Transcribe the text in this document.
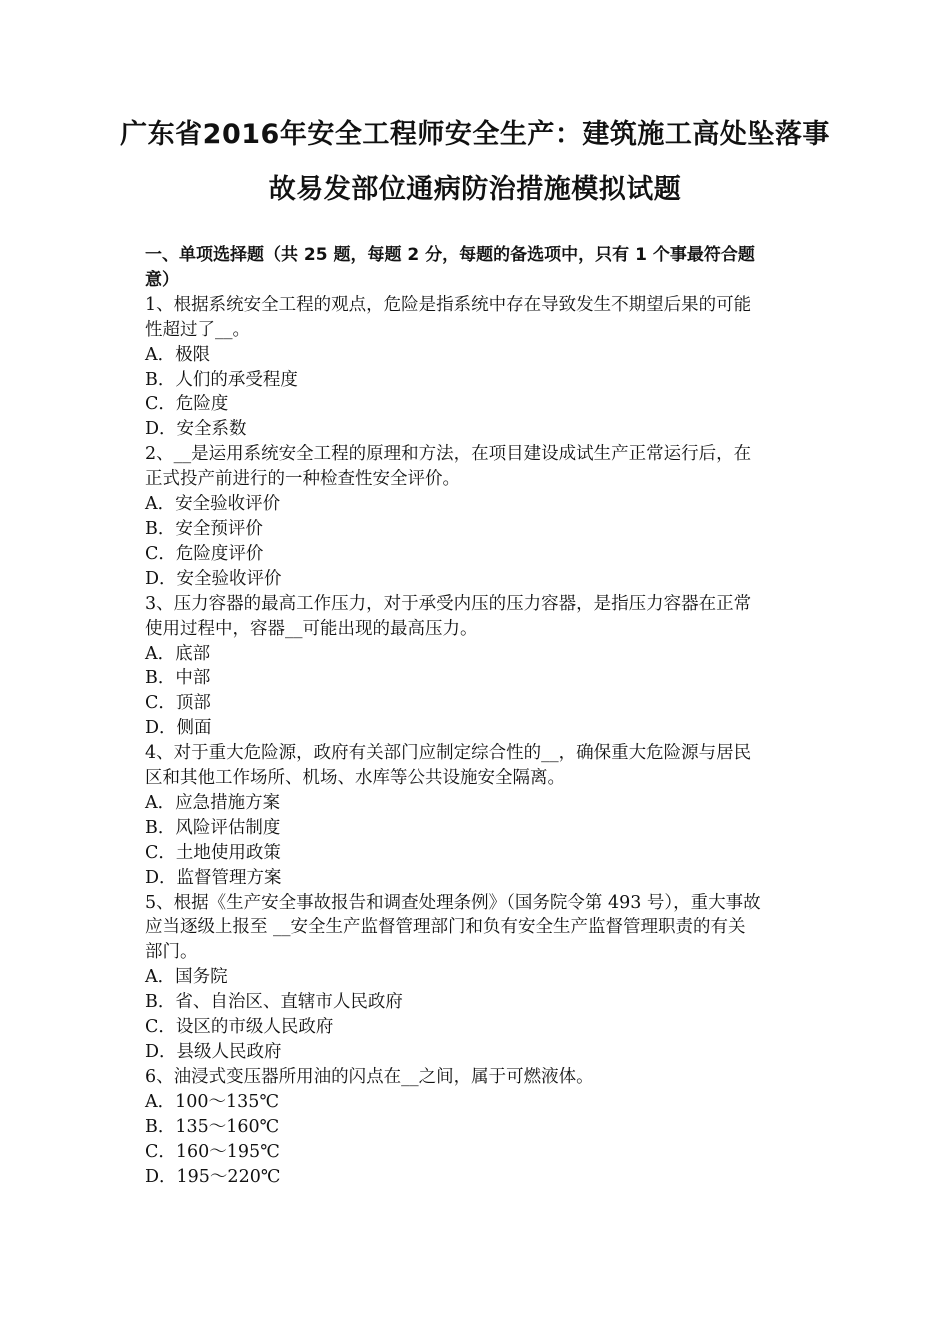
广东省2016年安全工程师安全生产：建筑施工高处坠落事
故易发部位通病防治措施模拟试题
一、单项选择题（共 25 题，每题 2 分，每题的备选项中，只有 1 个事最符合题
意）
1、根据系统安全工程的观点，危险是指系统中存在导致发生不期望后果的可能
性超过了__。
A．极限
B．人们的承受程度
C．危险度
D．安全系数
2、__是运用系统安全工程的原理和方法，在项目建设成试生产正常运行后，在
正式投产前进行的一种检查性安全评价。
A．安全验收评价
B．安全预评价
C．危险度评价
D．安全验收评价
3、压力容器的最高工作压力，对于承受内压的压力容器，是指压力容器在正常
使用过程中，容器__可能出现的最高压力。
A．底部
B．中部
C．顶部
D．侧面
4、对于重大危险源，政府有关部门应制定综合性的__，确保重大危险源与居民
区和其他工作场所、机场、水库等公共设施安全隔离。
A．应急措施方案
B．风险评估制度
C．土地使用政策
D．监督管理方案
5、根据《生产安全事故报告和调查处理条例》（国务院令第 493 号），重大事故
应当逐级上报至 __安全生产监督管理部门和负有安全生产监督管理职责的有关
部门。
A．国务院
B．省、自治区、直辖市人民政府
C．设区的市级人民政府
D．县级人民政府
6、油浸式变压器所用油的闪点在__之间，属于可燃液体。
A．100～135℃
B．135～160℃
C．160～195℃
D．195～220℃
